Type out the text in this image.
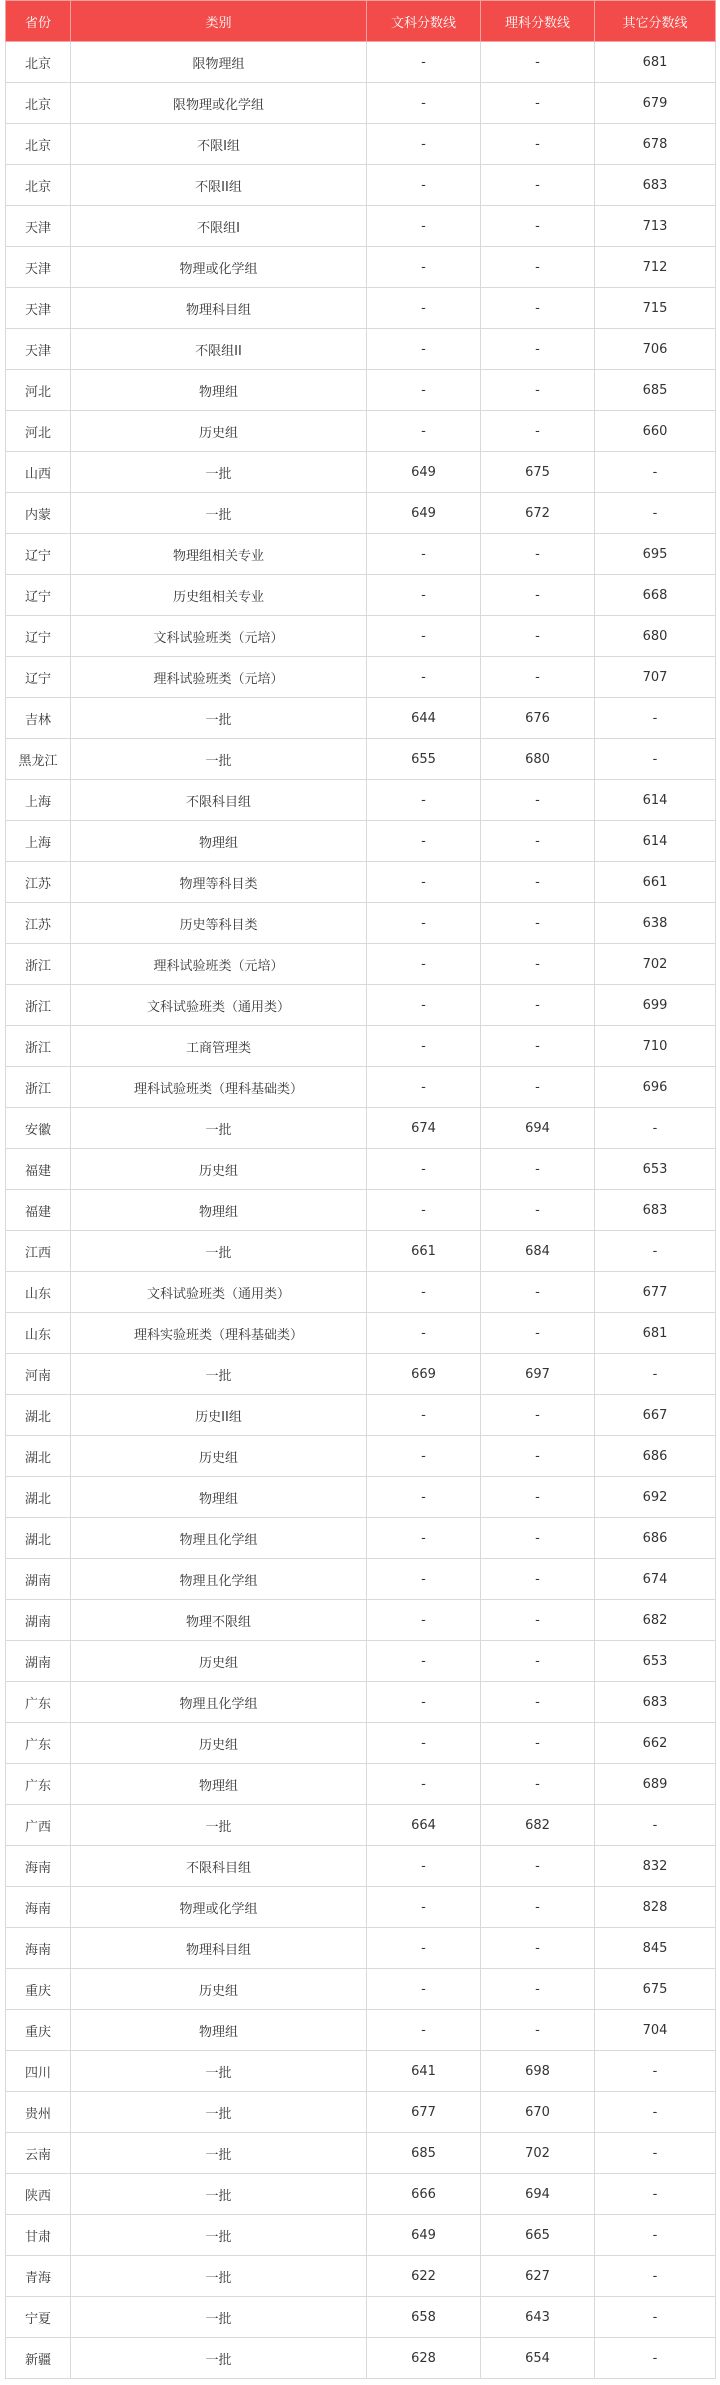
省份	类别	文科分数线	理科分数线	其它分数线
北京	限物理组	-	-	681
北京	限物理或化学组	-	-	679
北京	不限I组	-	-	678
北京	不限II组	-	-	683
天津	不限组I	-	-	713
天津	物理或化学组	-	-	712
天津	物理科目组	-	-	715
天津	不限组II	-	-	706
河北	物理组	-	-	685
河北	历史组	-	-	660
山西	一批	649	675	-
内蒙	一批	649	672	-
辽宁	物理组相关专业	-	-	695
辽宁	历史组相关专业	-	-	668
辽宁	文科试验班类（元培）	-	-	680
辽宁	理科试验班类（元培）	-	-	707
吉林	一批	644	676	-
黑龙江	一批	655	680	-
上海	不限科目组	-	-	614
上海	物理组	-	-	614
江苏	物理等科目类	-	-	661
江苏	历史等科目类	-	-	638
浙江	理科试验班类（元培）	-	-	702
浙江	文科试验班类（通用类）	-	-	699
浙江	工商管理类	-	-	710
浙江	理科试验班类（理科基础类）	-	-	696
安徽	一批	674	694	-
福建	历史组	-	-	653
福建	物理组	-	-	683
江西	一批	661	684	-
山东	文科试验班类（通用类）	-	-	677
山东	理科实验班类（理科基础类）	-	-	681
河南	一批	669	697	-
湖北	历史II组	-	-	667
湖北	历史组	-	-	686
湖北	物理组	-	-	692
湖北	物理且化学组	-	-	686
湖南	物理且化学组	-	-	674
湖南	物理不限组	-	-	682
湖南	历史组	-	-	653
广东	物理且化学组	-	-	683
广东	历史组	-	-	662
广东	物理组	-	-	689
广西	一批	664	682	-
海南	不限科目组	-	-	832
海南	物理或化学组	-	-	828
海南	物理科目组	-	-	845
重庆	历史组	-	-	675
重庆	物理组	-	-	704
四川	一批	641	698	-
贵州	一批	677	670	-
云南	一批	685	702	-
陕西	一批	666	694	-
甘肃	一批	649	665	-
青海	一批	622	627	-
宁夏	一批	658	643	-
新疆	一批	628	654	-
